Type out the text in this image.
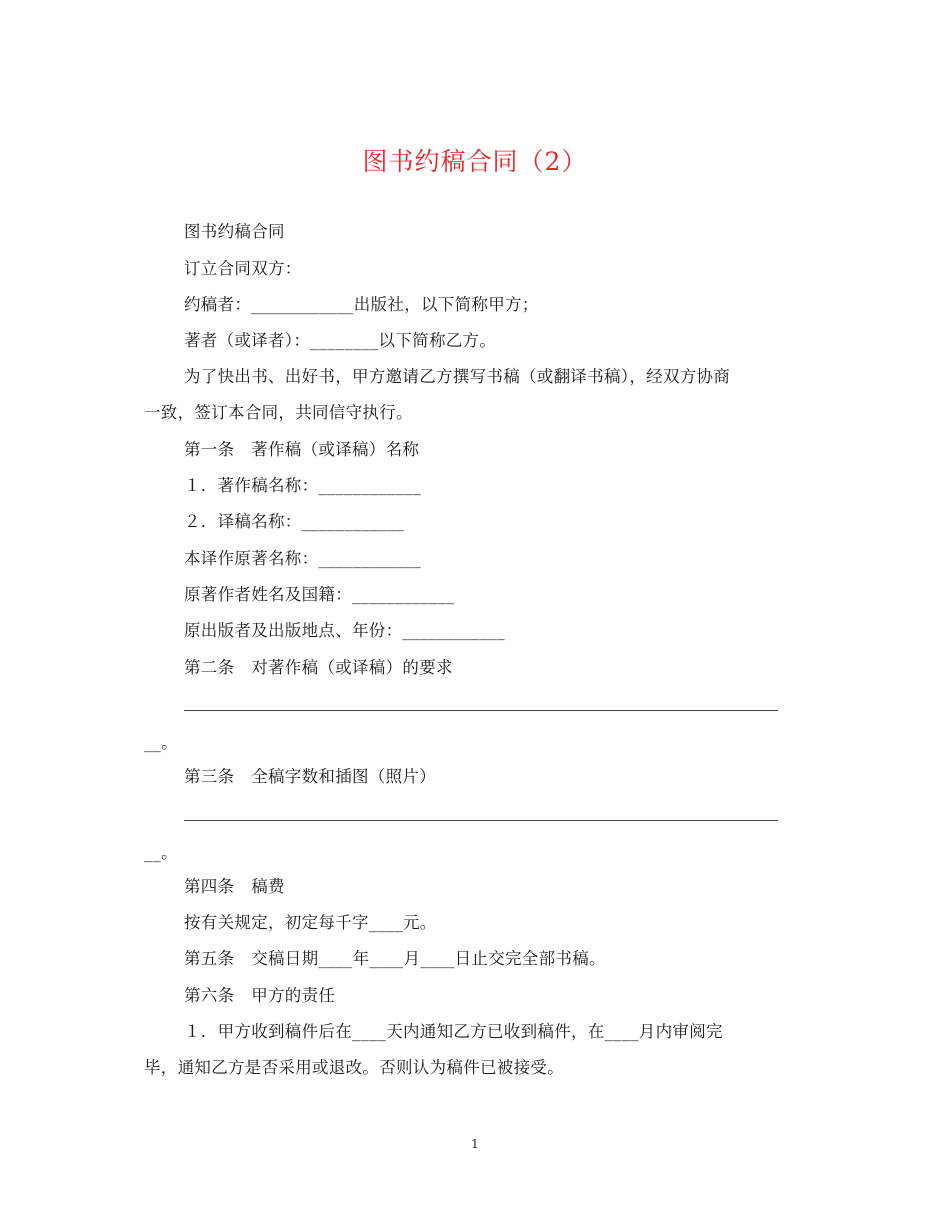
图书约稿合同（2）
图书约稿合同
订立合同双方：
约稿者：____________出版社，以下简称甲方；
著者（或译者）：________以下简称乙方。
为了快出书、出好书，甲方邀请乙方撰写书稿（或翻译书稿），经双方协商
一致，签订本合同，共同信守执行。
第一条　著作稿（或译稿）名称
１．著作稿名称：____________
２．译稿名称：____________
本译作原著名称：____________
原著作者姓名及国籍：____________
原出版者及出版地点、年份：____________
第二条　对著作稿（或译稿）的要求
__。
第三条　全稿字数和插图（照片）
__。
第四条　稿费
按有关规定，初定每千字____元。
第五条　交稿日期____年____月____日止交完全部书稿。
第六条　甲方的责任
１．甲方收到稿件后在____天内通知乙方已收到稿件，在____月内审阅完
毕，通知乙方是否采用或退改。否则认为稿件已被接受。
1
